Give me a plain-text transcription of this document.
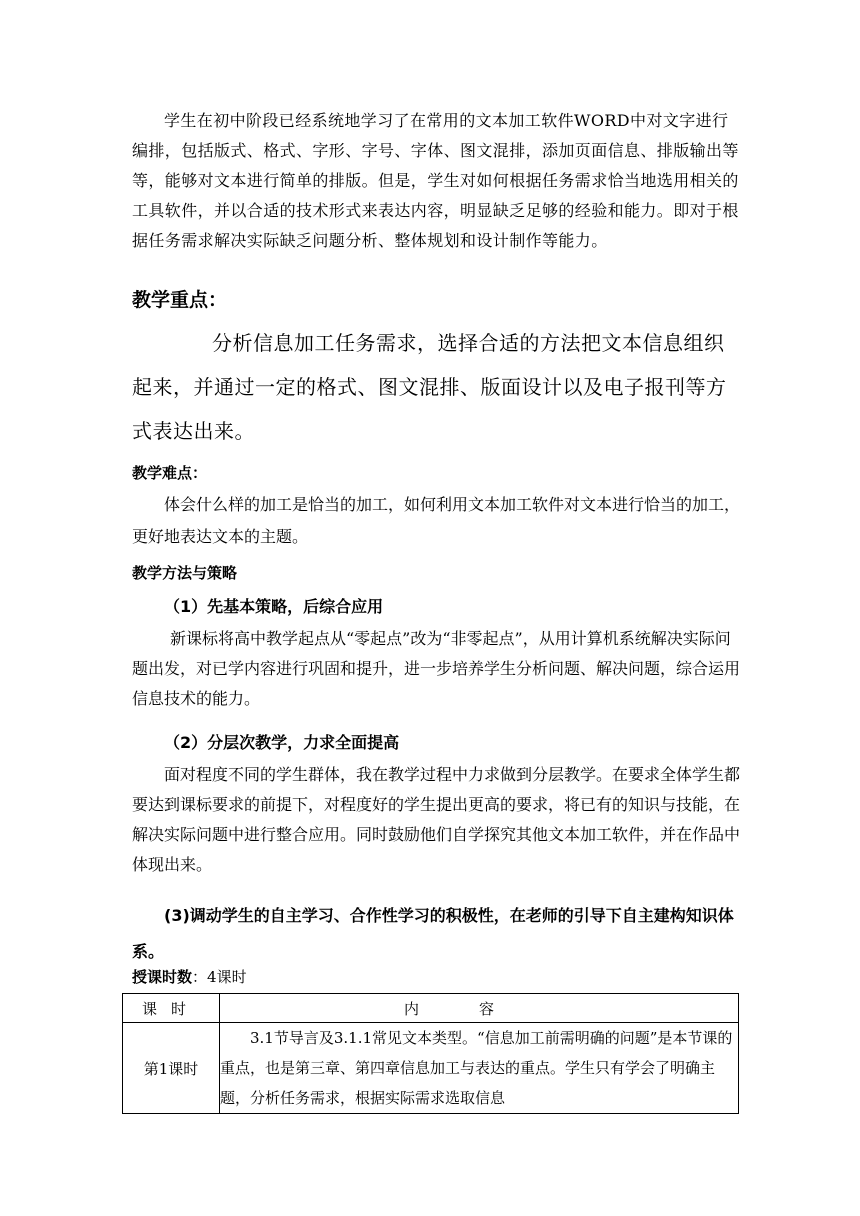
学生在初中阶段已经系统地学习了在常用的文本加工软件WORD中对文字进行编排，包括版式、格式、字形、字号、字体、图文混排，添加页面信息、排版输出等等，能够对文本进行简单的排版。但是，学生对如何根据任务需求恰当地选用相关的工具软件，并以合适的技术形式来表达内容，明显缺乏足够的经验和能力。即对于根据任务需求解决实际缺乏问题分析、整体规划和设计制作等能力。

教学重点：

分析信息加工任务需求，选择合适的方法把文本信息组织起来，并通过一定的格式、图文混排、版面设计以及电子报刊等方式表达出来。

教学难点：

体会什么样的加工是恰当的加工，如何利用文本加工软件对文本进行恰当的加工，更好地表达文本的主题。

教学方法与策略

（1）先基本策略，后综合应用

新课标将高中教学起点从“零起点”改为“非零起点”，从用计算机系统解决实际问题出发，对已学内容进行巩固和提升，进一步培养学生分析问题、解决问题，综合运用信息技术的能力。

（2）分层次教学，力求全面提高

面对程度不同的学生群体，我在教学过程中力求做到分层教学。在要求全体学生都要达到课标要求的前提下，对程度好的学生提出更高的要求，将已有的知识与技能，在解决实际问题中进行整合应用。同时鼓励他们自学探究其他文本加工软件，并在作品中体现出来。

(3)调动学生的自主学习、合作性学习的积极性，在老师的引导下自主建构知识体系。

授课时数：4课时

课时	内容
第1课时	3.1节导言及3.1.1常见文本类型。“信息加工前需明确的问题”是本节课的重点，也是第三章、第四章信息加工与表达的重点。学生只有学会了明确主题，分析任务需求，根据实际需求选取信息
